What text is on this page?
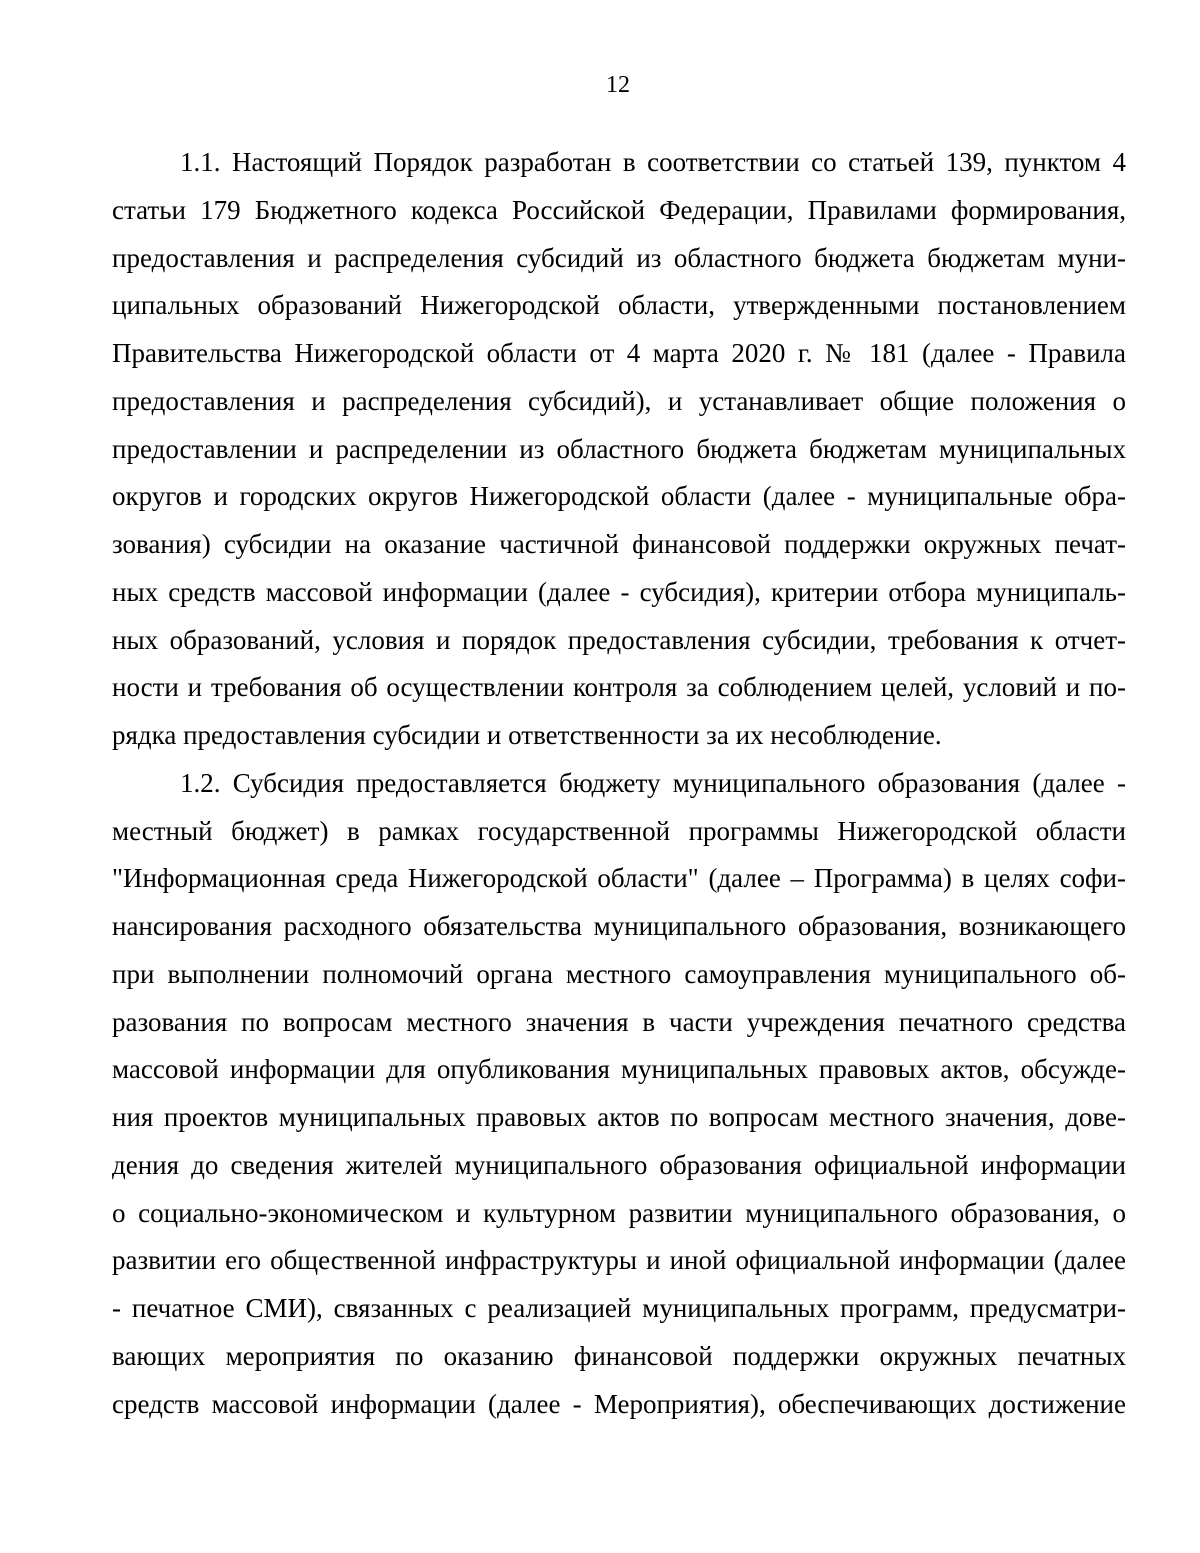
12
1.1. Настоящий Порядок разработан в соответствии со статьей 139, пунктом 4
статьи 179 Бюджетного кодекса Российской Федерации, Правилами формирования,
предоставления и распределения субсидий из областного бюджета бюджетам муни-
ципальных образований Нижегородской области, утвержденными постановлением
Правительства Нижегородской области от 4 марта 2020 г. № 181 (далее - Правила
предоставления и распределения субсидий), и устанавливает общие положения о
предоставлении и распределении из областного бюджета бюджетам муниципальных
округов и городских округов Нижегородской области (далее - муниципальные обра-
зования) субсидии на оказание частичной финансовой поддержки окружных печат-
ных средств массовой информации (далее - субсидия), критерии отбора муниципаль-
ных образований, условия и порядок предоставления субсидии, требования к отчет-
ности и требования об осуществлении контроля за соблюдением целей, условий и по-
рядка предоставления субсидии и ответственности за их несоблюдение.
1.2. Субсидия предоставляется бюджету муниципального образования (далее -
местный бюджет) в рамках государственной программы Нижегородской области
"Информационная среда Нижегородской области" (далее – Программа) в целях софи-
нансирования расходного обязательства муниципального образования, возникающего
при выполнении полномочий органа местного самоуправления муниципального об-
разования по вопросам местного значения в части учреждения печатного средства
массовой информации для опубликования муниципальных правовых актов, обсужде-
ния проектов муниципальных правовых актов по вопросам местного значения, дове-
дения до сведения жителей муниципального образования официальной информации
о социально-экономическом и культурном развитии муниципального образования, о
развитии его общественной инфраструктуры и иной официальной информации (далее
- печатное СМИ), связанных с реализацией муниципальных программ, предусматри-
вающих мероприятия по оказанию финансовой поддержки окружных печатных
средств массовой информации (далее - Мероприятия), обеспечивающих достижение
